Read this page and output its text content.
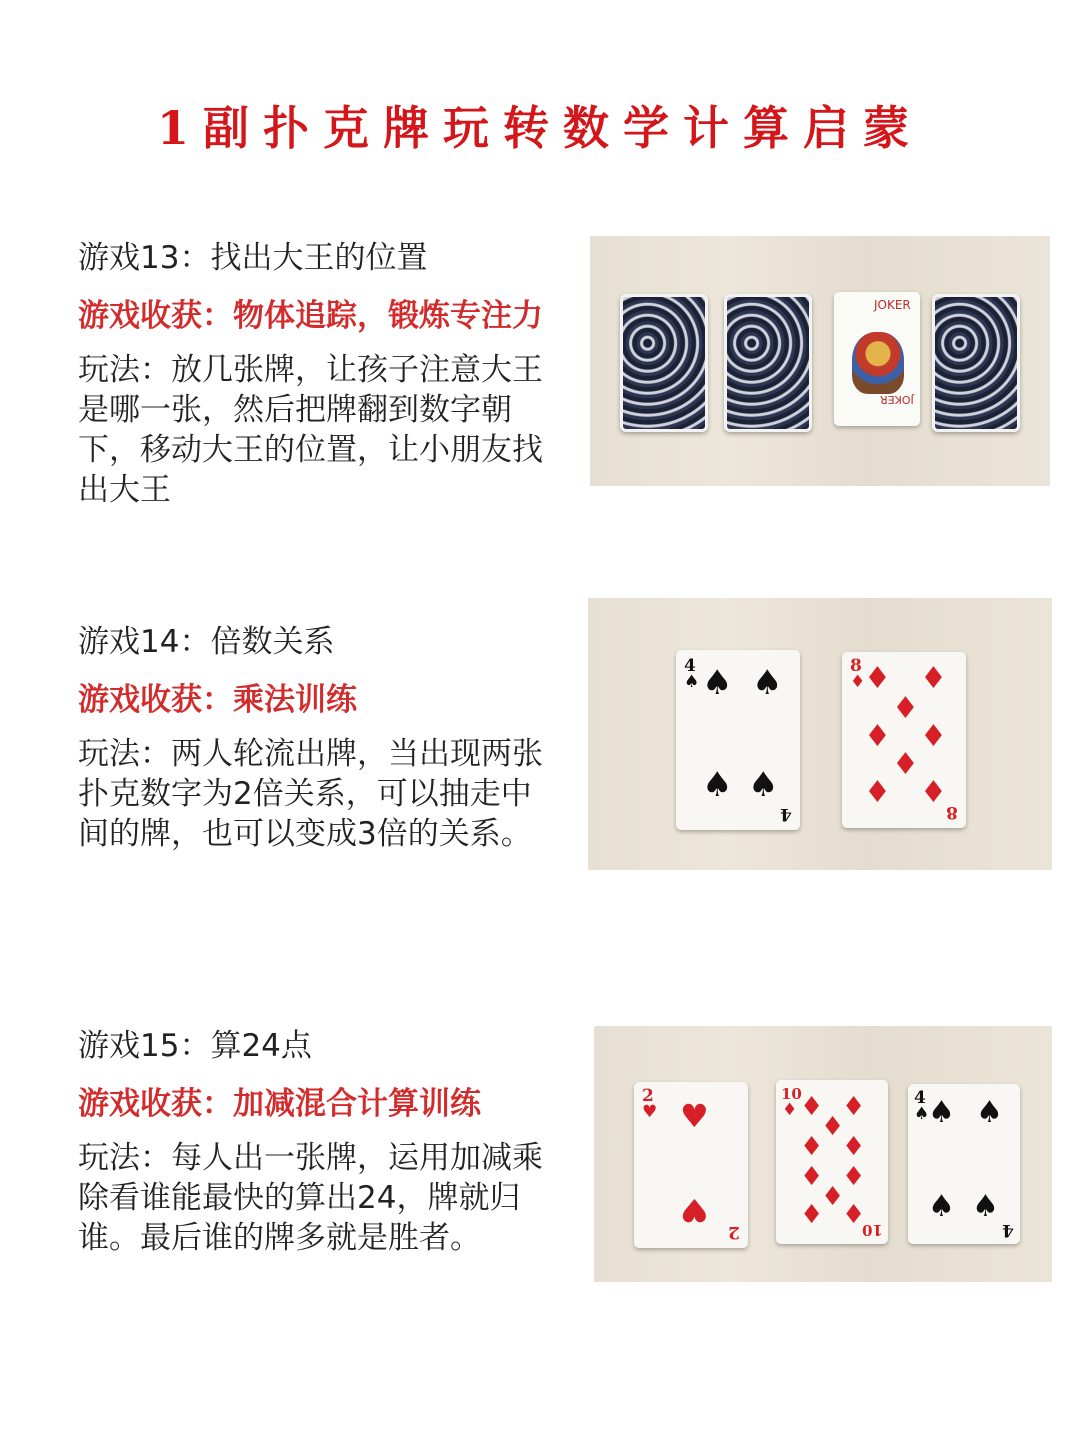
1副扑克牌玩转数学计算启蒙
游戏13：找出大王的位置
游戏收获：物体追踪，锻炼专注力
玩法：放几张牌，让孩子注意大王是哪一张，然后把牌翻到数字朝下，移动大王的位置，让小朋友找出大王
JOKER
JOKER
游戏14：倍数关系
游戏收获：乘法训练
玩法：两人轮流出牌，当出现两张扑克数字为2倍关系，可以抽走中间的牌，也可以变成3倍的关系。
4
♠ ♠ ♠
♠ ♠
4
8
♦
♦ ♦
♦
♦ ♦
♦
♦ ♦
8
游戏15：算24点
游戏收获：加减混合计算训练
玩法：每人出一张牌，运用加减乘除看谁能最快的算出24，牌就归谁。最后谁的牌多就是胜者。
2
♥ ♥
♥
2
10
♦ ♦ ♦
♦
♦ ♦
♦ ♦
♦
♦ ♦
10
4
♠
♠ ♠
♠ ♠
4
